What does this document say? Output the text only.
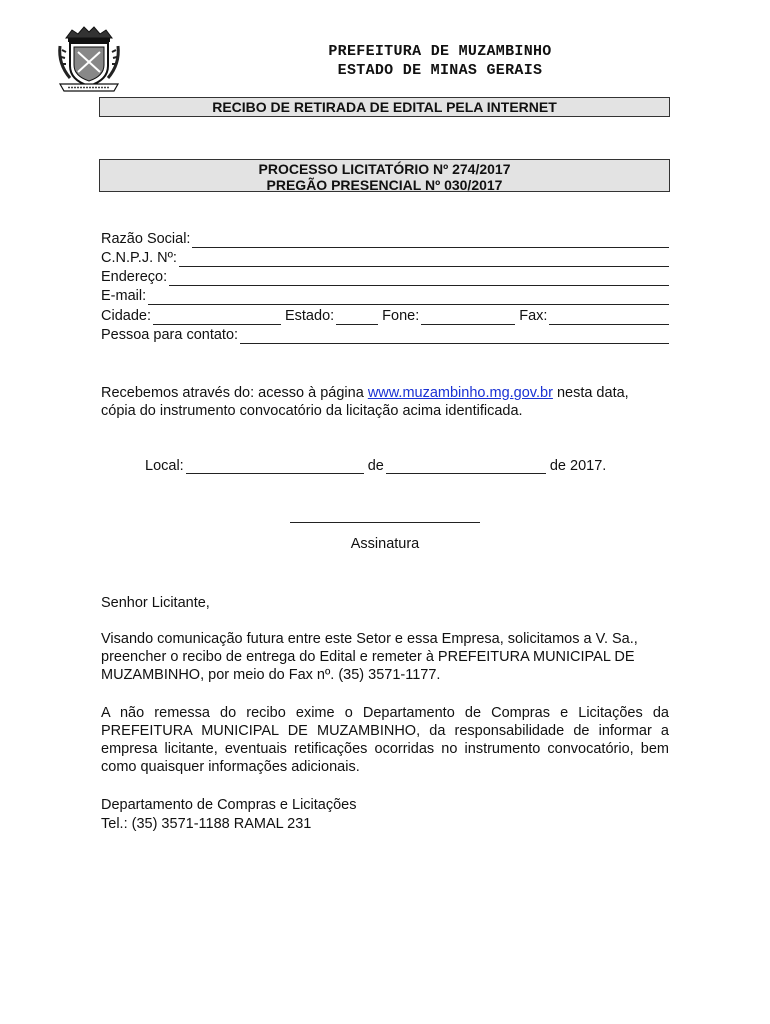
PREFEITURA DE MUZAMBINHO
ESTADO DE MINAS GERAIS
RECIBO DE RETIRADA DE EDITAL PELA INTERNET
PROCESSO LICITATÓRIO Nº 274/2017
PREGÃO PRESENCIAL Nº 030/2017
Razão Social:
C.N.P.J. Nº:
Endereço:
E-mail:
Cidade:	Estado:	Fone:	Fax:
Pessoa para contato:
Recebemos através do: acesso à página www.muzambinho.mg.gov.br nesta data,
cópia do instrumento convocatório da licitação acima identificada.
Local:	de	de 2017.
Assinatura
Senhor Licitante,
Visando comunicação futura entre este Setor e essa Empresa, solicitamos a V. Sa., preencher o recibo de entrega do Edital e remeter à PREFEITURA MUNICIPAL DE MUZAMBINHO, por meio do Fax nº. (35) 3571-1177.
A não remessa do recibo exime o Departamento de Compras e Licitações da PREFEITURA MUNICIPAL DE MUZAMBINHO, da responsabilidade de informar a empresa licitante, eventuais retificações ocorridas no instrumento convocatório, bem como quaisquer informações adicionais.
Departamento de Compras e Licitações
Tel.: (35) 3571-1188 RAMAL 231
